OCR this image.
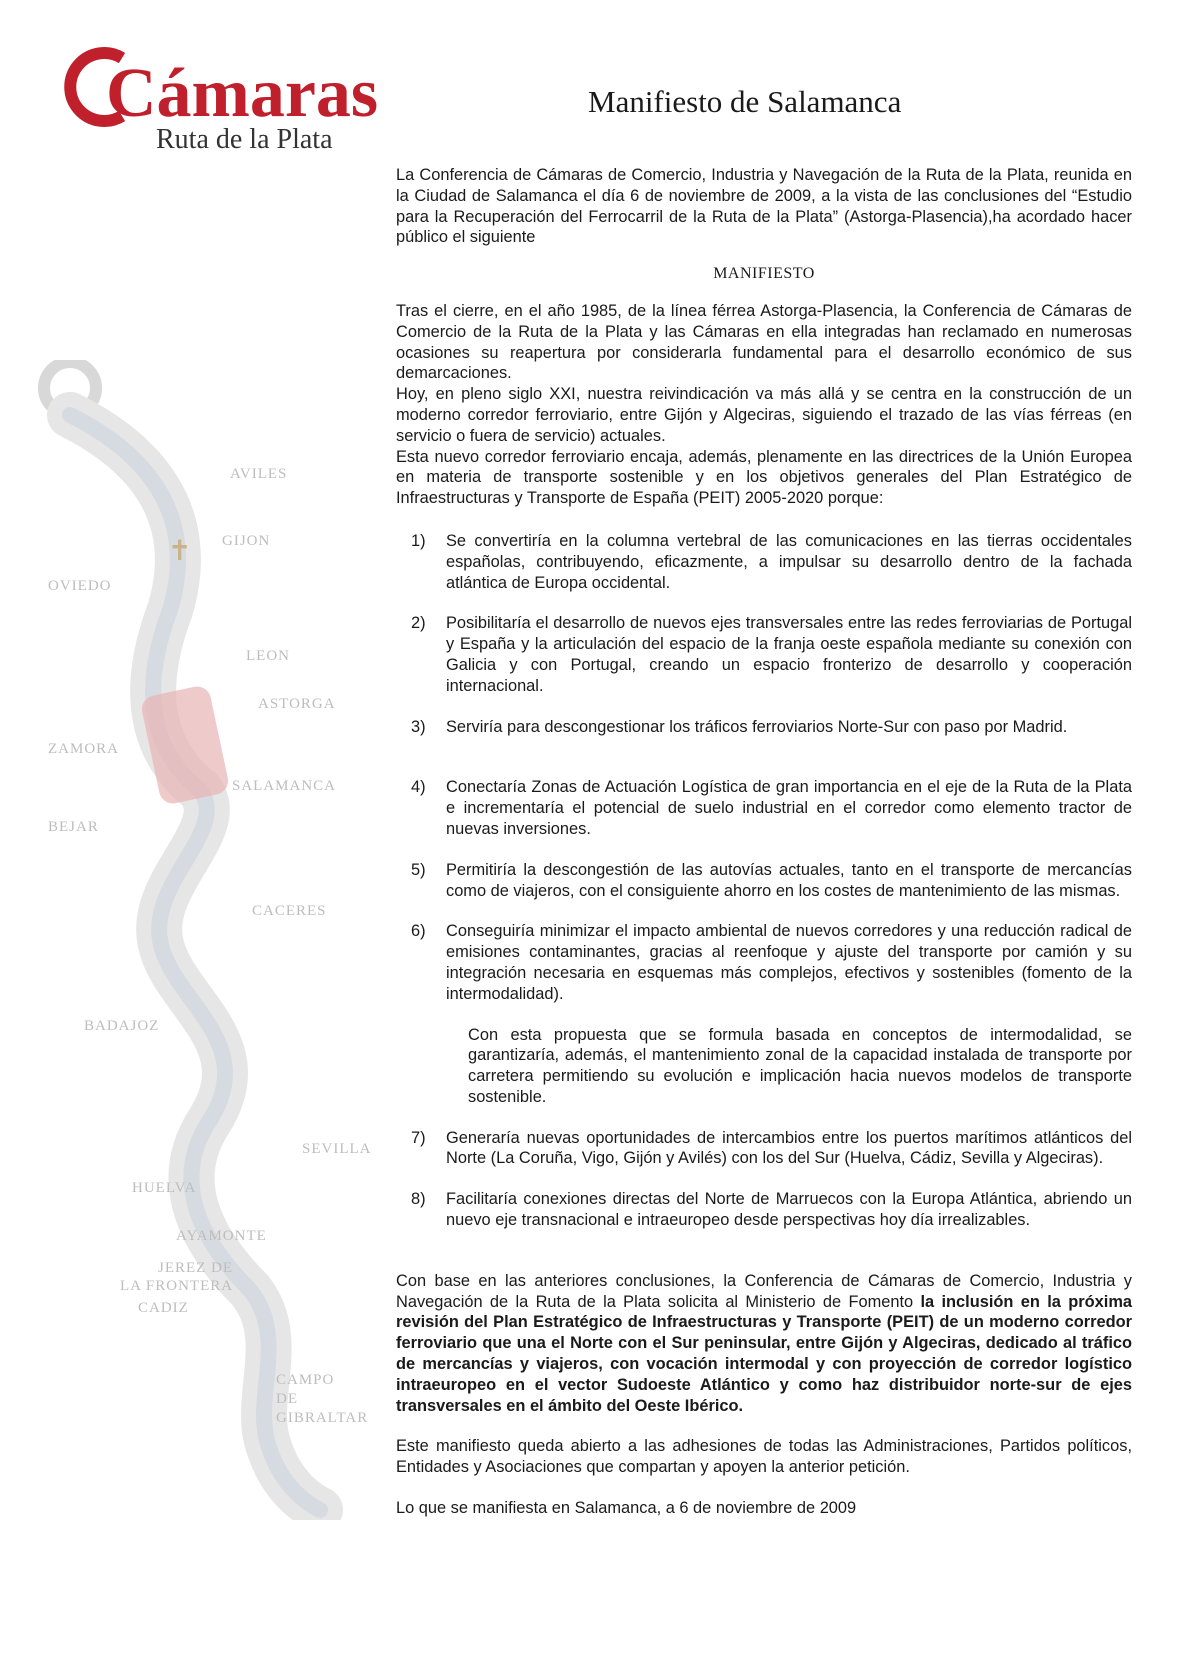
Cámaras
Ruta de la Plata
Manifiesto de Salamanca
✝
AVILES
GIJON
OVIEDO
LEON
ASTORGA
ZAMORA
SALAMANCA
BEJAR
CACERES
BADAJOZ
SEVILLA
HUELVA
AYAMONTE
JEREZ DE
LA FRONTERA
CADIZ
CAMPO
DE
GIBRALTAR

La Conferencia de Cámaras de Comercio, Industria y Navegación de la Ruta de la Plata, reunida en la Ciudad de Salamanca el día 6 de noviembre de 2009, a la vista de las conclusiones del “Estudio para la Recuperación del Ferrocarril de la Ruta de la Plata” (Astorga-Plasencia),ha acordado hacer público el siguiente

MANIFIESTO

Tras el cierre, en el año 1985, de la línea férrea Astorga-Plasencia, la Conferencia de Cámaras de Comercio de la Ruta de la Plata y las Cámaras en ella integradas han reclamado en numerosas ocasiones su reapertura por considerarla fundamental para el desarrollo económico de sus demarcaciones.

Hoy, en pleno siglo XXI, nuestra reivindicación va más allá y se centra en la construcción de un moderno corredor ferroviario, entre Gijón y Algeciras, siguiendo el trazado de las vías férreas (en servicio o fuera de servicio) actuales.

Esta nuevo corredor ferroviario encaja, además, plenamente en las directrices de la Unión Europea en materia de transporte sostenible y en los objetivos generales del Plan Estratégico de Infraestructuras y Transporte de España (PEIT) 2005-2020 porque:

1)	Se convertiría en la columna vertebral de las comunicaciones en las tierras occidentales españolas, contribuyendo, eficazmente, a impulsar su desarrollo dentro de la fachada atlántica de Europa occidental.
2)	Posibilitaría el desarrollo de nuevos ejes transversales entre las redes ferroviarias de Portugal y España y la articulación del espacio de la franja oeste española mediante su conexión con Galicia y con Portugal, creando un espacio fronterizo de desarrollo y cooperación internacional.
3)	Serviría para descongestionar los tráficos ferroviarios Norte-Sur con paso por Madrid.
4)	Conectaría Zonas de Actuación Logística de gran importancia en el eje de la Ruta de la Plata e incrementaría el potencial de suelo industrial en el corredor como elemento tractor de nuevas inversiones.
5)	Permitiría la descongestión de las autovías actuales, tanto en el transporte de mercancías como de viajeros, con el consiguiente ahorro en los costes de mantenimiento de las mismas.
6)	Conseguiría minimizar el impacto ambiental de nuevos corredores y una reducción radical de emisiones contaminantes, gracias al reenfoque y ajuste del transporte por camión y su integración necesaria en esquemas más complejos, efectivos y sostenibles (fomento de la intermodalidad).

Con esta propuesta que se formula basada en conceptos de intermodalidad, se garantizaría, además, el mantenimiento zonal de la capacidad instalada de transporte por carretera permitiendo su evolución e implicación hacia nuevos modelos de transporte sostenible.

7)	Generaría nuevas oportunidades de intercambios entre los puertos marítimos atlánticos del Norte (La Coruña, Vigo, Gijón y Avilés) con los del Sur (Huelva, Cádiz, Sevilla y Algeciras).
8)	Facilitaría conexiones directas del Norte de Marruecos con la Europa Atlántica, abriendo un nuevo eje transnacional e intraeuropeo desde perspectivas hoy día irrealizables.

Con base en las anteriores conclusiones, la Conferencia de Cámaras de Comercio, Industria y Navegación de la Ruta de la Plata solicita al Ministerio de Fomento la inclusión en la próxima revisión del Plan Estratégico de Infraestructuras y Transporte (PEIT) de un moderno corredor ferroviario que una el Norte con el Sur peninsular, entre Gijón y Algeciras, dedicado al tráfico de mercancías y viajeros, con vocación intermodal y con proyección de corredor logístico intraeuropeo en el vector Sudoeste Atlántico y como haz distribuidor norte-sur de ejes transversales en el ámbito del Oeste Ibérico.

Este manifiesto queda abierto a las adhesiones de todas las Administraciones, Partidos políticos, Entidades y Asociaciones que compartan y apoyen la anterior petición.

Lo que se manifiesta en Salamanca, a 6 de noviembre de 2009
